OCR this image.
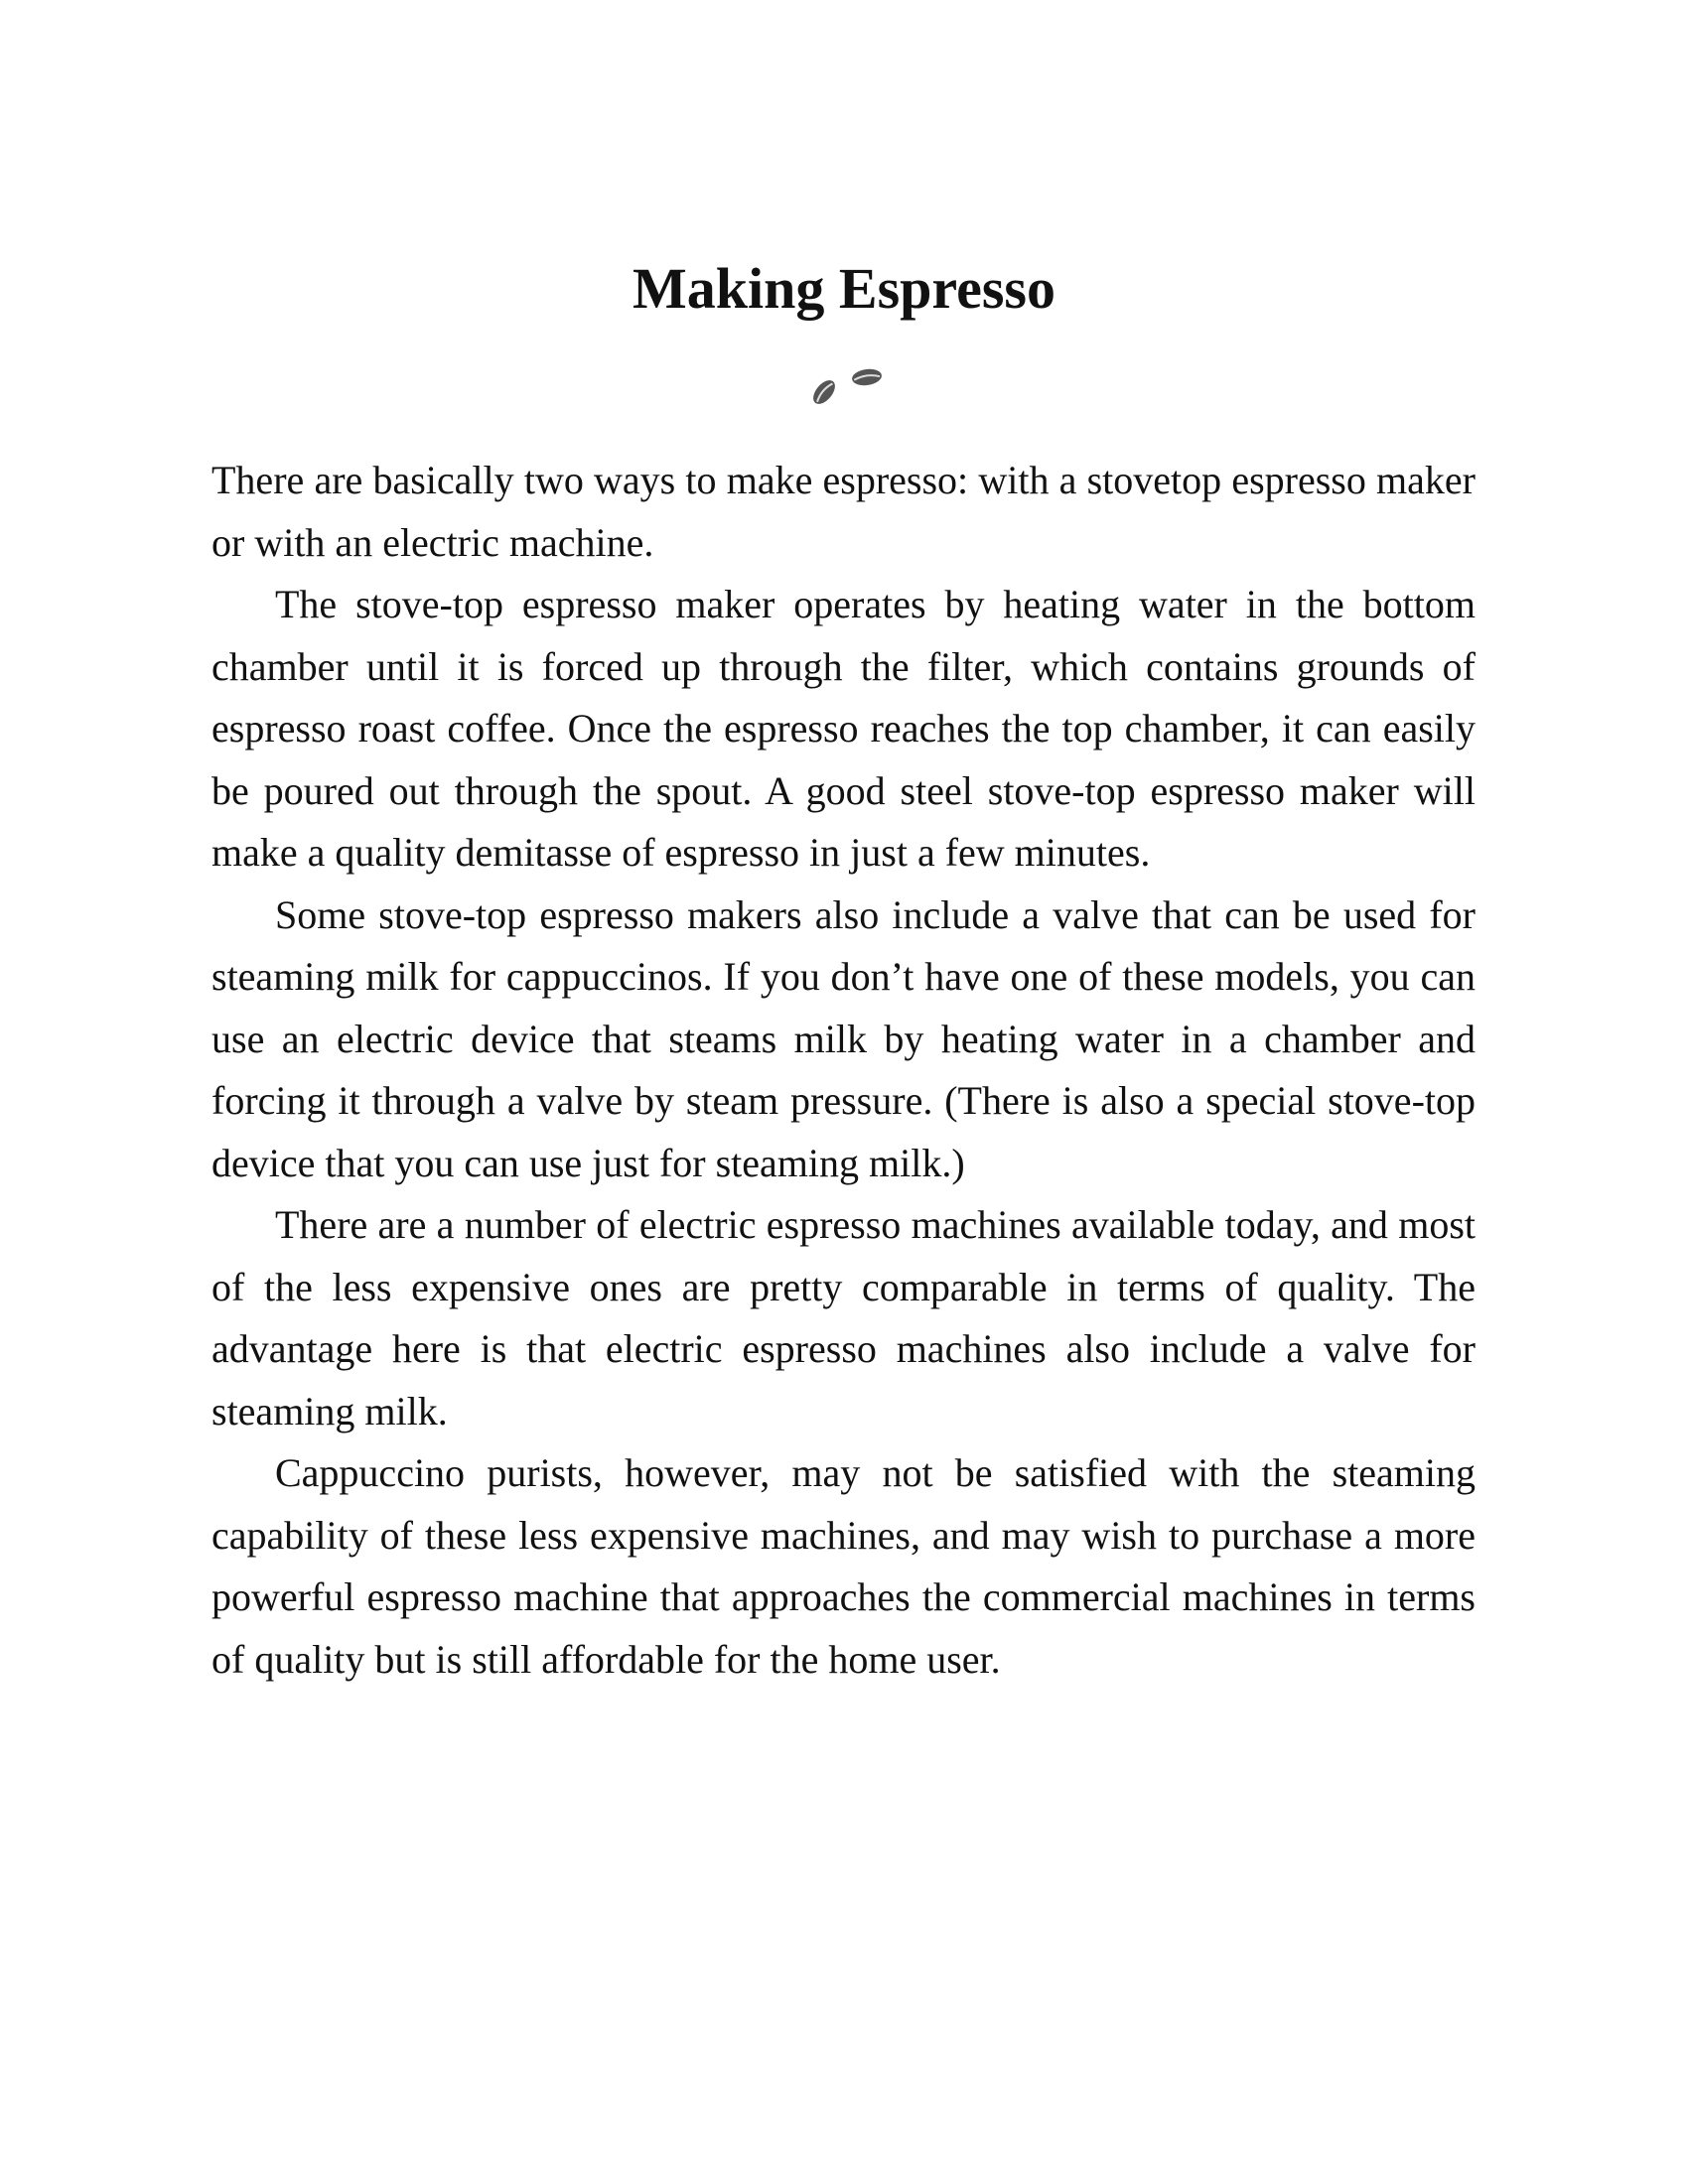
Making Espresso

There are basically two ways to make espresso: with a stovetop espresso maker or with an electric machine.

The stove-top espresso maker operates by heating water in the bottom chamber until it is forced up through the filter, which contains grounds of espresso roast coffee. Once the espresso reaches the top chamber, it can easily be poured out through the spout. A good steel stove-top espresso maker will make a quality demitasse of espresso in just a few minutes.

Some stove-top espresso makers also include a valve that can be used for steaming milk for cappuccinos. If you don’t have one of these models, you can use an electric device that steams milk by heating water in a chamber and forcing it through a valve by steam pressure. (There is also a special stove-top device that you can use just for steaming milk.)

There are a number of electric espresso machines available today, and most of the less expensive ones are pretty comparable in terms of quality. The advantage here is that electric espresso machines also include a valve for steaming milk.

Cappuccino purists, however, may not be satisfied with the steaming capability of these less expensive machines, and may wish to purchase a more powerful espresso machine that approaches the commercial machines in terms of quality but is still affordable for the home user.
